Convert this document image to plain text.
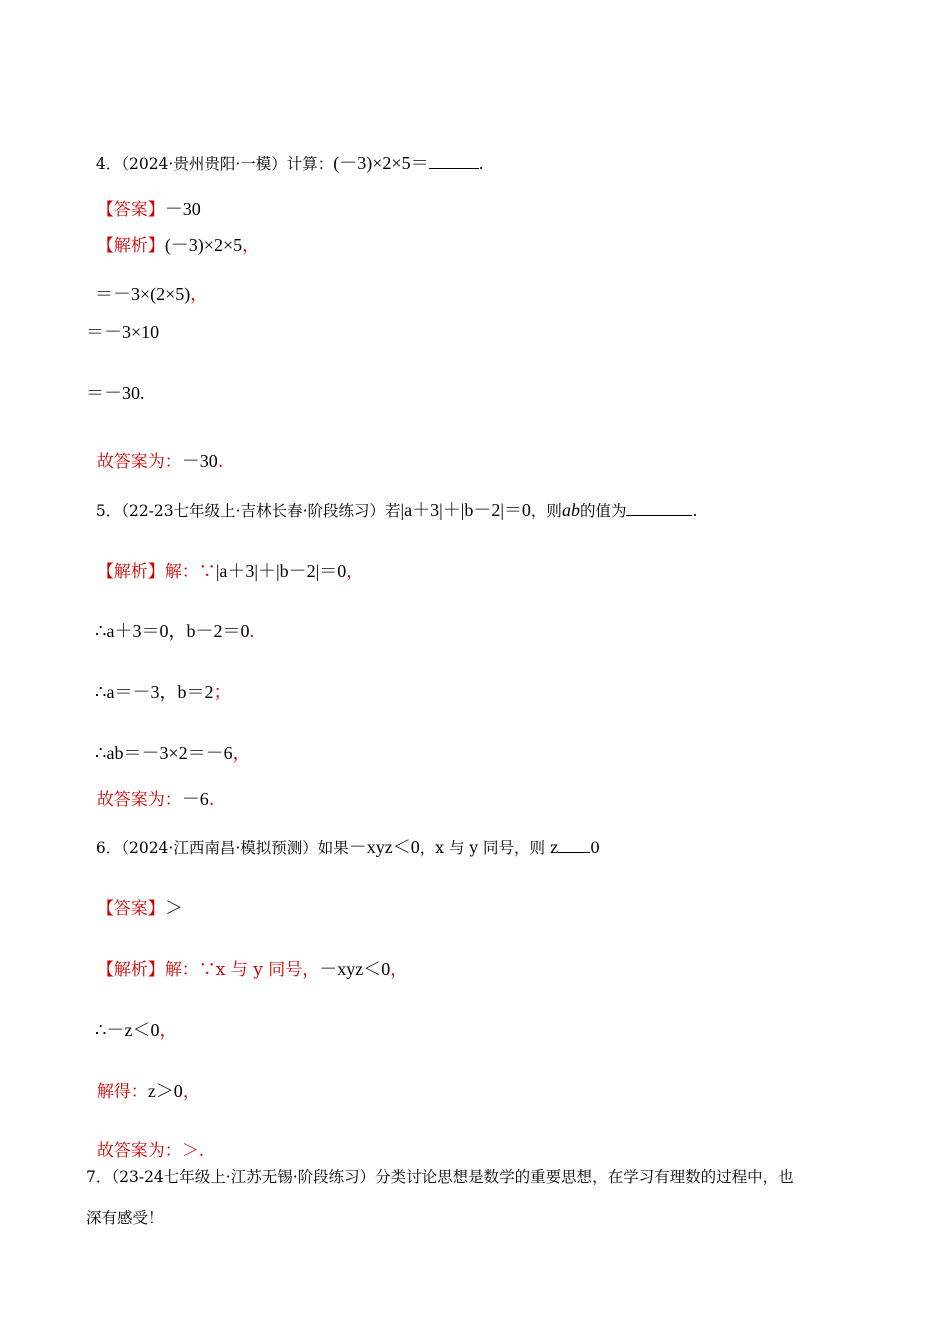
4．（2024·贵州贵阳·一模）计算：(－3)×2×5＝	.

【答案】－30

【解析】(－3)×2×5，

＝－3×(2×5)，

＝－3×10
＝－30.

故答案为：－30.

5．（22-23七年级上·吉林长春·阶段练习）若|a＋3|＋|b－2|＝0，则ab的值为	.

【解析】解：∵|a＋3|＋|b－2|＝0，

∴a＋3＝0，b－2＝0.

∴a＝－3，b＝2；

∴ab＝－3×2＝－6，

故答案为：－6.

6．（2024·江西南昌·模拟预测）如果－xyz＜0，x 与 y 同号，则 z 0

【答案】＞

【解析】解：∵x 与 y 同号，－xyz＜0，

∴－z＜0，

解得：z＞0，

故答案为：＞.

7．（23-24七年级上·江苏无锡·阶段练习）分类讨论思想是数学的重要思想，在学习有理数的过程中，也
深有感受！
